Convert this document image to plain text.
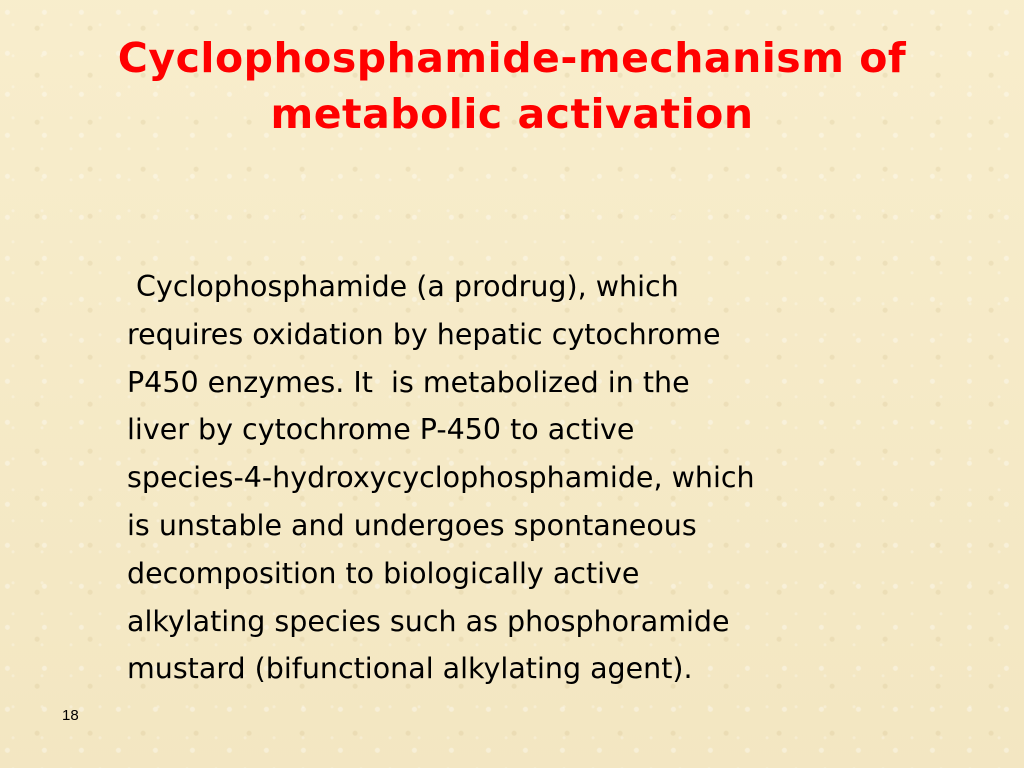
Cyclophosphamide-mechanism of
metabolic activation
Cyclophosphamide (a prodrug), which
requires oxidation by hepatic cytochrome
P450 enzymes. It  is metabolized in the
liver by cytochrome P-450 to active
species-4-hydroxycyclophosphamide, which
is unstable and undergoes spontaneous
decomposition to biologically active
alkylating species such as phosphoramide
mustard (bifunctional alkylating agent).
18
